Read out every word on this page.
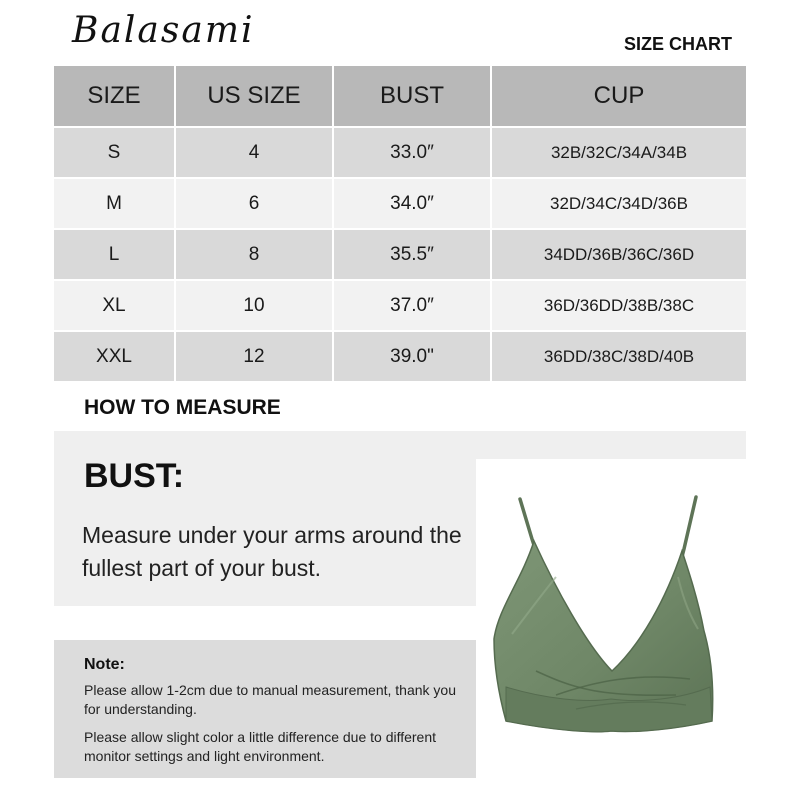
Balasami	SIZE CHART
SIZE	US SIZE	BUST	CUP
S	4	33.0″	32B/32C/34A/34B
M	6	34.0″	32D/34C/34D/36B
L	8	35.5″	34DD/36B/36C/36D
XL	10	37.0″	36D/36DD/38B/38C
XXL	12	39.0"	36DD/38C/38D/40B
HOW TO MEASURE
BUST:
Measure under your arms around the fullest part of your bust.
Note:
Please allow 1-2cm due to manual measurement, thank you for understanding.
Please allow slight color a little difference due to different monitor settings and light environment.
